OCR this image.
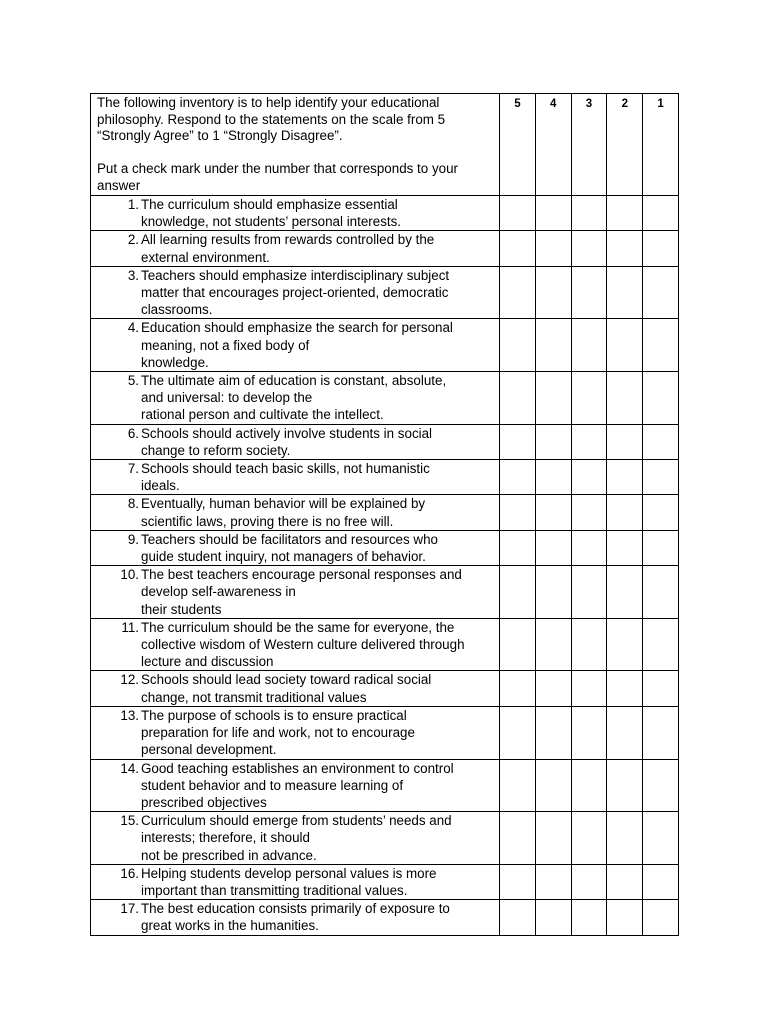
The following inventory is to help identify your educational philosophy. Respond to the statements on the scale from 5 “Strongly Agree” to 1 “Strongly Disagree”.

Put a check mark under the number that corresponds to your answer	5	4	3	2	1

1. The curriculum should emphasize essential
knowledge, not students’ personal interests.					

2. All learning results from rewards controlled by the
external environment.					

3. Teachers should emphasize interdisciplinary subject
matter that encourages project-oriented, democratic
classrooms.					

4. Education should emphasize the search for personal
meaning, not a fixed body of
knowledge.					

5. The ultimate aim of education is constant, absolute,
and universal: to develop the
rational person and cultivate the intellect.					

6. Schools should actively involve students in social
change to reform society.					

7. Schools should teach basic skills, not humanistic
ideals.					

8. Eventually, human behavior will be explained by
scientific laws, proving there is no free will.					

9. Teachers should be facilitators and resources who
guide student inquiry, not managers of behavior.					

10. The best teachers encourage personal responses and
develop self-awareness in
their students					

11. The curriculum should be the same for everyone, the
collective wisdom of Western culture delivered through
lecture and discussion					

12. Schools should lead society toward radical social
change, not transmit traditional values					

13. The purpose of schools is to ensure practical
preparation for life and work, not to encourage
personal development.					

14. Good teaching establishes an environment to control
student behavior and to measure learning of
prescribed objectives					

15. Curriculum should emerge from students’ needs and
interests; therefore, it should
not be prescribed in advance.					

16. Helping students develop personal values is more
important than transmitting traditional values.					

17. The best education consists primarily of exposure to
great works in the humanities.					
